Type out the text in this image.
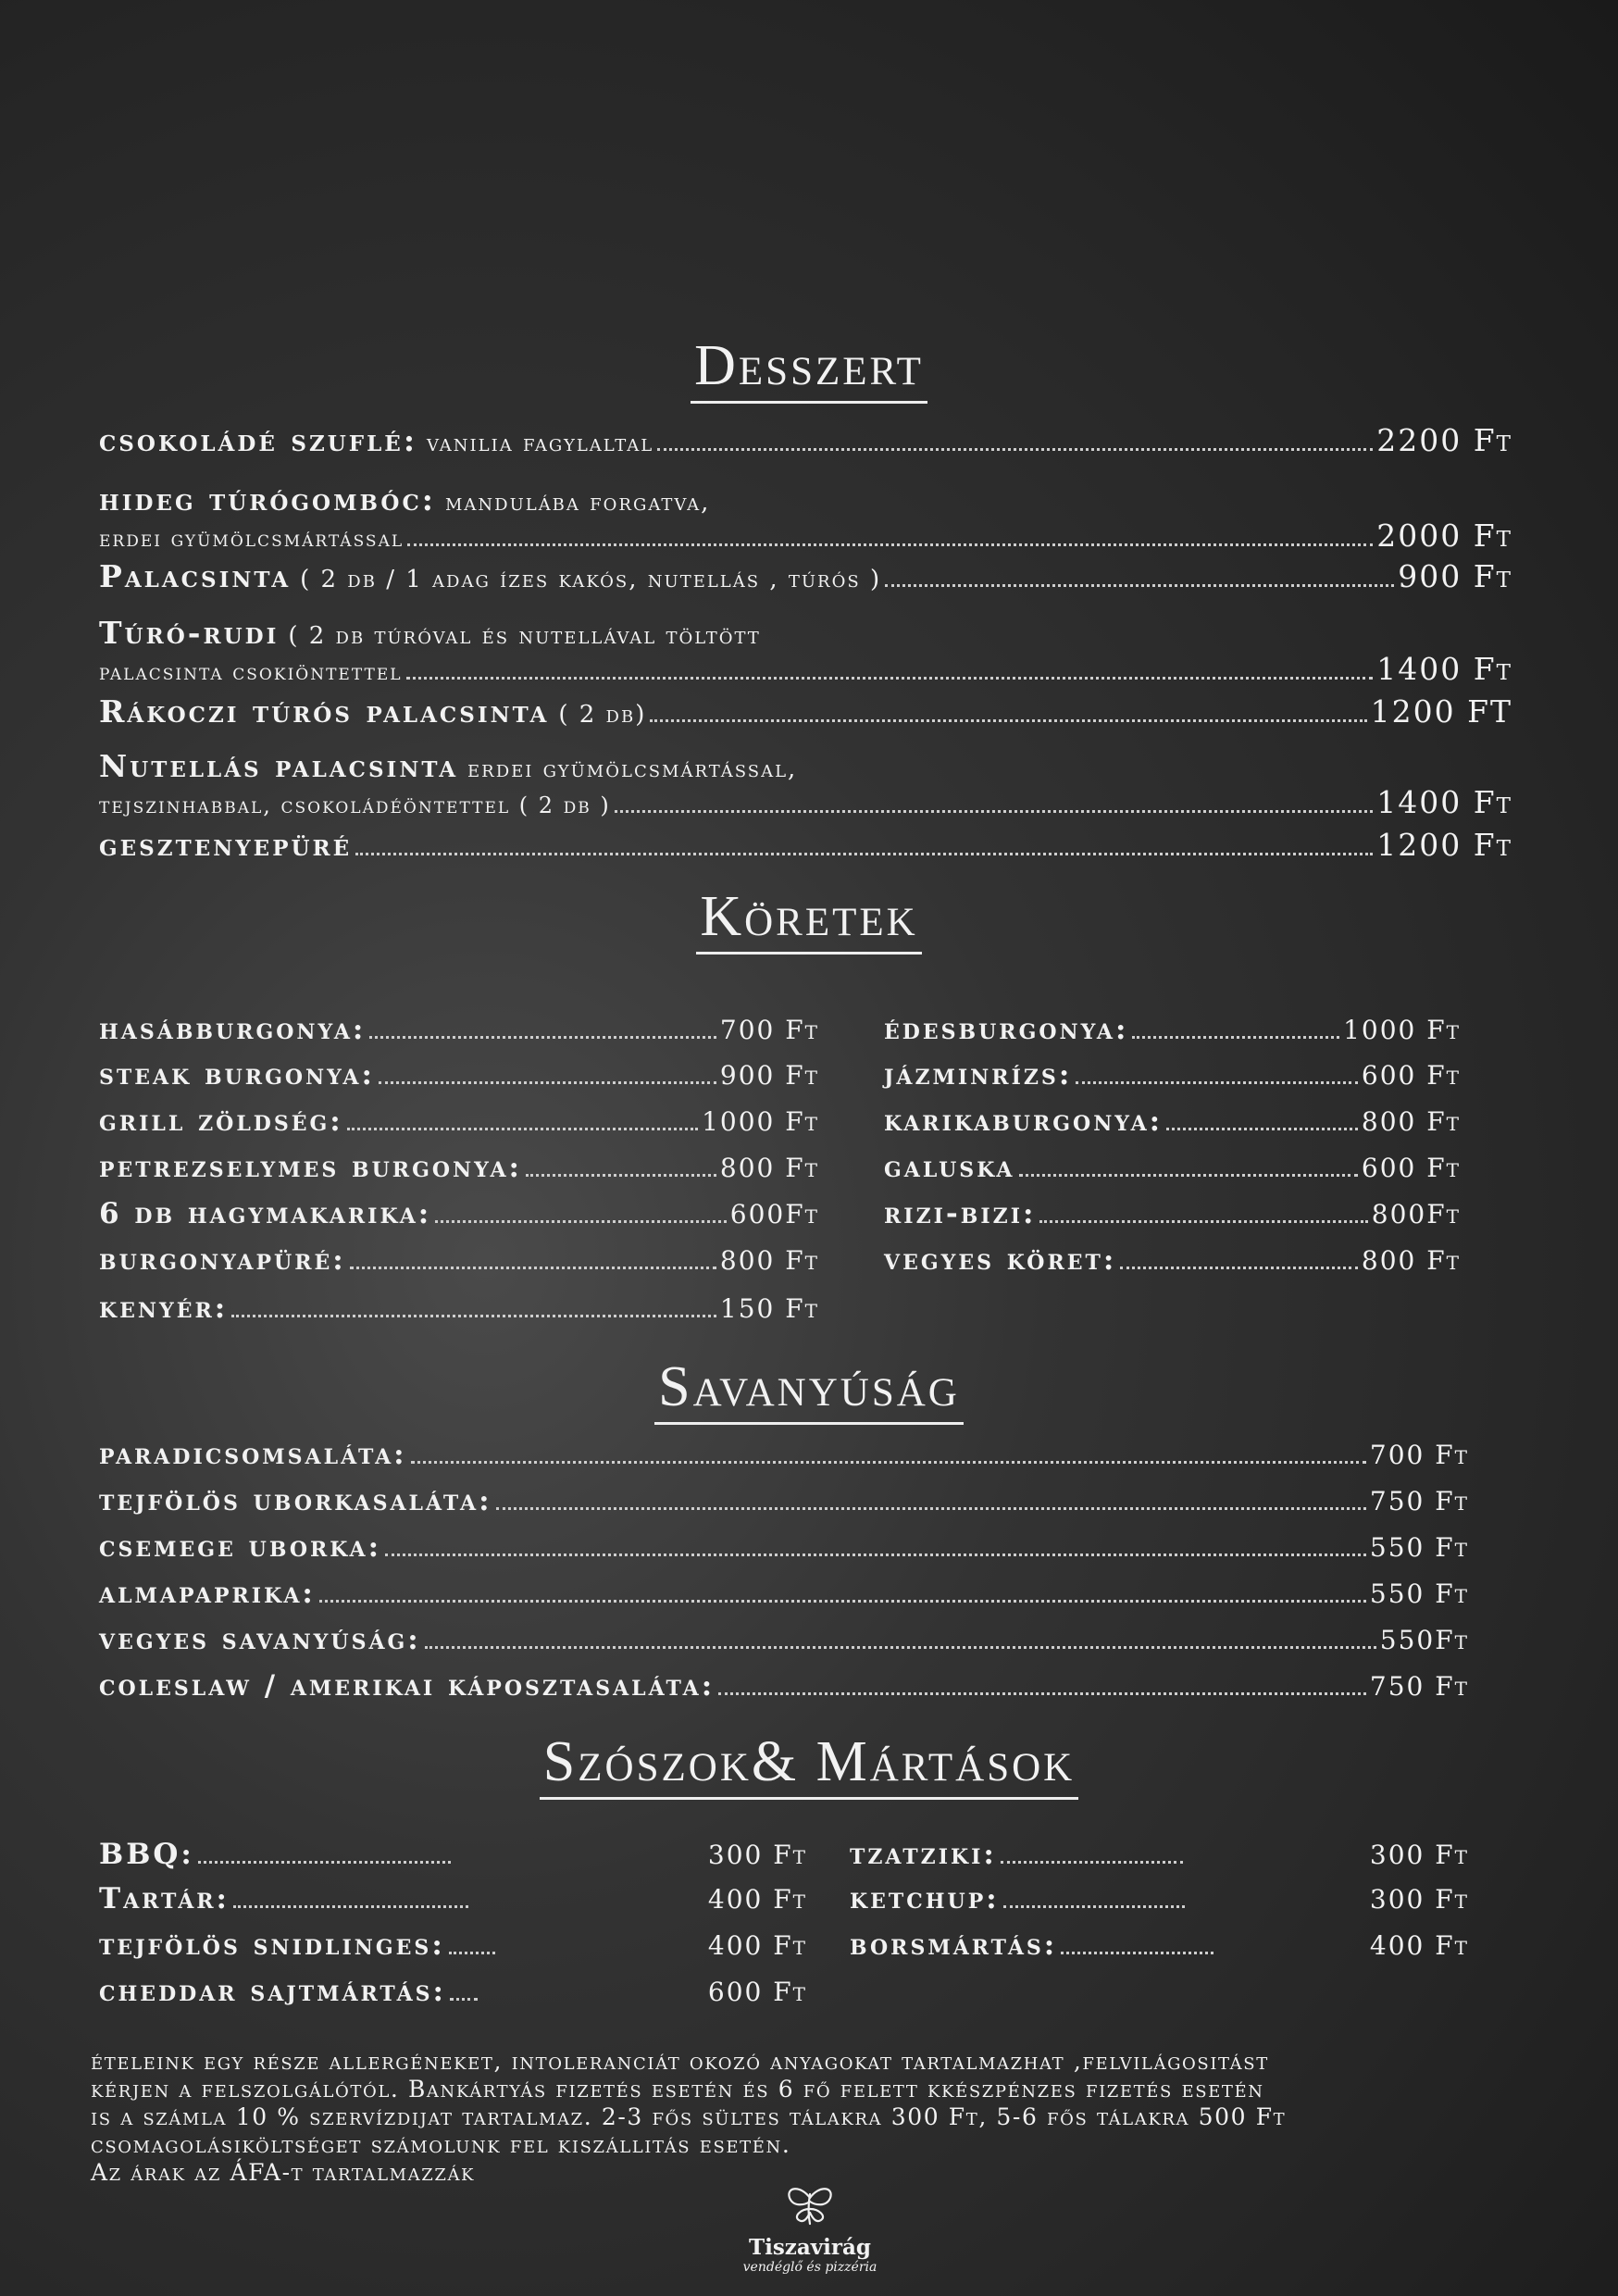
Desszert
csokoládé szuflé: vanilia fagylaltal	2200 Ft
hideg túrógombóc: mandulába forgatva,
erdei gyümölcsmártással	2000 Ft
Palacsinta ( 2 db / 1 adag ízes kakós, nutellás , túrós )	900 Ft
Túró-rudi ( 2 db túróval és nutellával töltött
palacsinta csokiöntettel	1400 Ft
Rákoczi túrós palacsinta ( 2 db)	1200 FT
Nutellás palacsinta erdei gyümölcsmártással,
tejszinhabbal, csokoládéöntettel ( 2 db )	1400 Ft
gesztenyepüré	1200 Ft
Köretek
hasábburgonya:	700 Ft
steak burgonya:	900 Ft
grill zöldség:	1000 Ft
petrezselymes burgonya:	800 Ft
6 db hagymakarika:	600Ft
burgonyapüré:	800 Ft
kenyér:	150 Ft
édesburgonya:	1000 Ft
jázminrízs:	600 Ft
karikaburgonya:	800 Ft
galuska	600 Ft
rizi-bizi:	800Ft
vegyes köret:	800 Ft
Savanyúság
paradicsomsaláta:	700 Ft
tejfölös uborkasaláta:	750 Ft
csemege uborka:	550 Ft
almapaprika:	550 Ft
vegyes savanyúság:	550Ft
coleslaw / amerikai káposztasaláta:	750 Ft
Szószok& Mártások
BBQ:	300 Ft
Tartár:	400 Ft
tejfölös snidlinges:	400 Ft
cheddar sajtmártás:	600 Ft
tzatziki:	300 Ft
ketchup:	300 Ft
borsmártás:	400 Ft
ételeink egy része allergéneket, intoleranciát okozó anyagokat tartalmazhat ,felvilágositást
kérjen a felszolgálótól. Bankártyás fizetés esetén és 6 fő felett kkészpénzes fizetés esetén
is a számla 10 % szervízdijat tartalmaz. 2-3 fős sültes tálakra 300 Ft, 5-6 fős tálakra 500 Ft
csomagolásiköltséget számolunk fel kiszállitás esetén.
Az árak az ÁFA-t tartalmazzák
Tiszavirág
vendéglő és pizzéria
